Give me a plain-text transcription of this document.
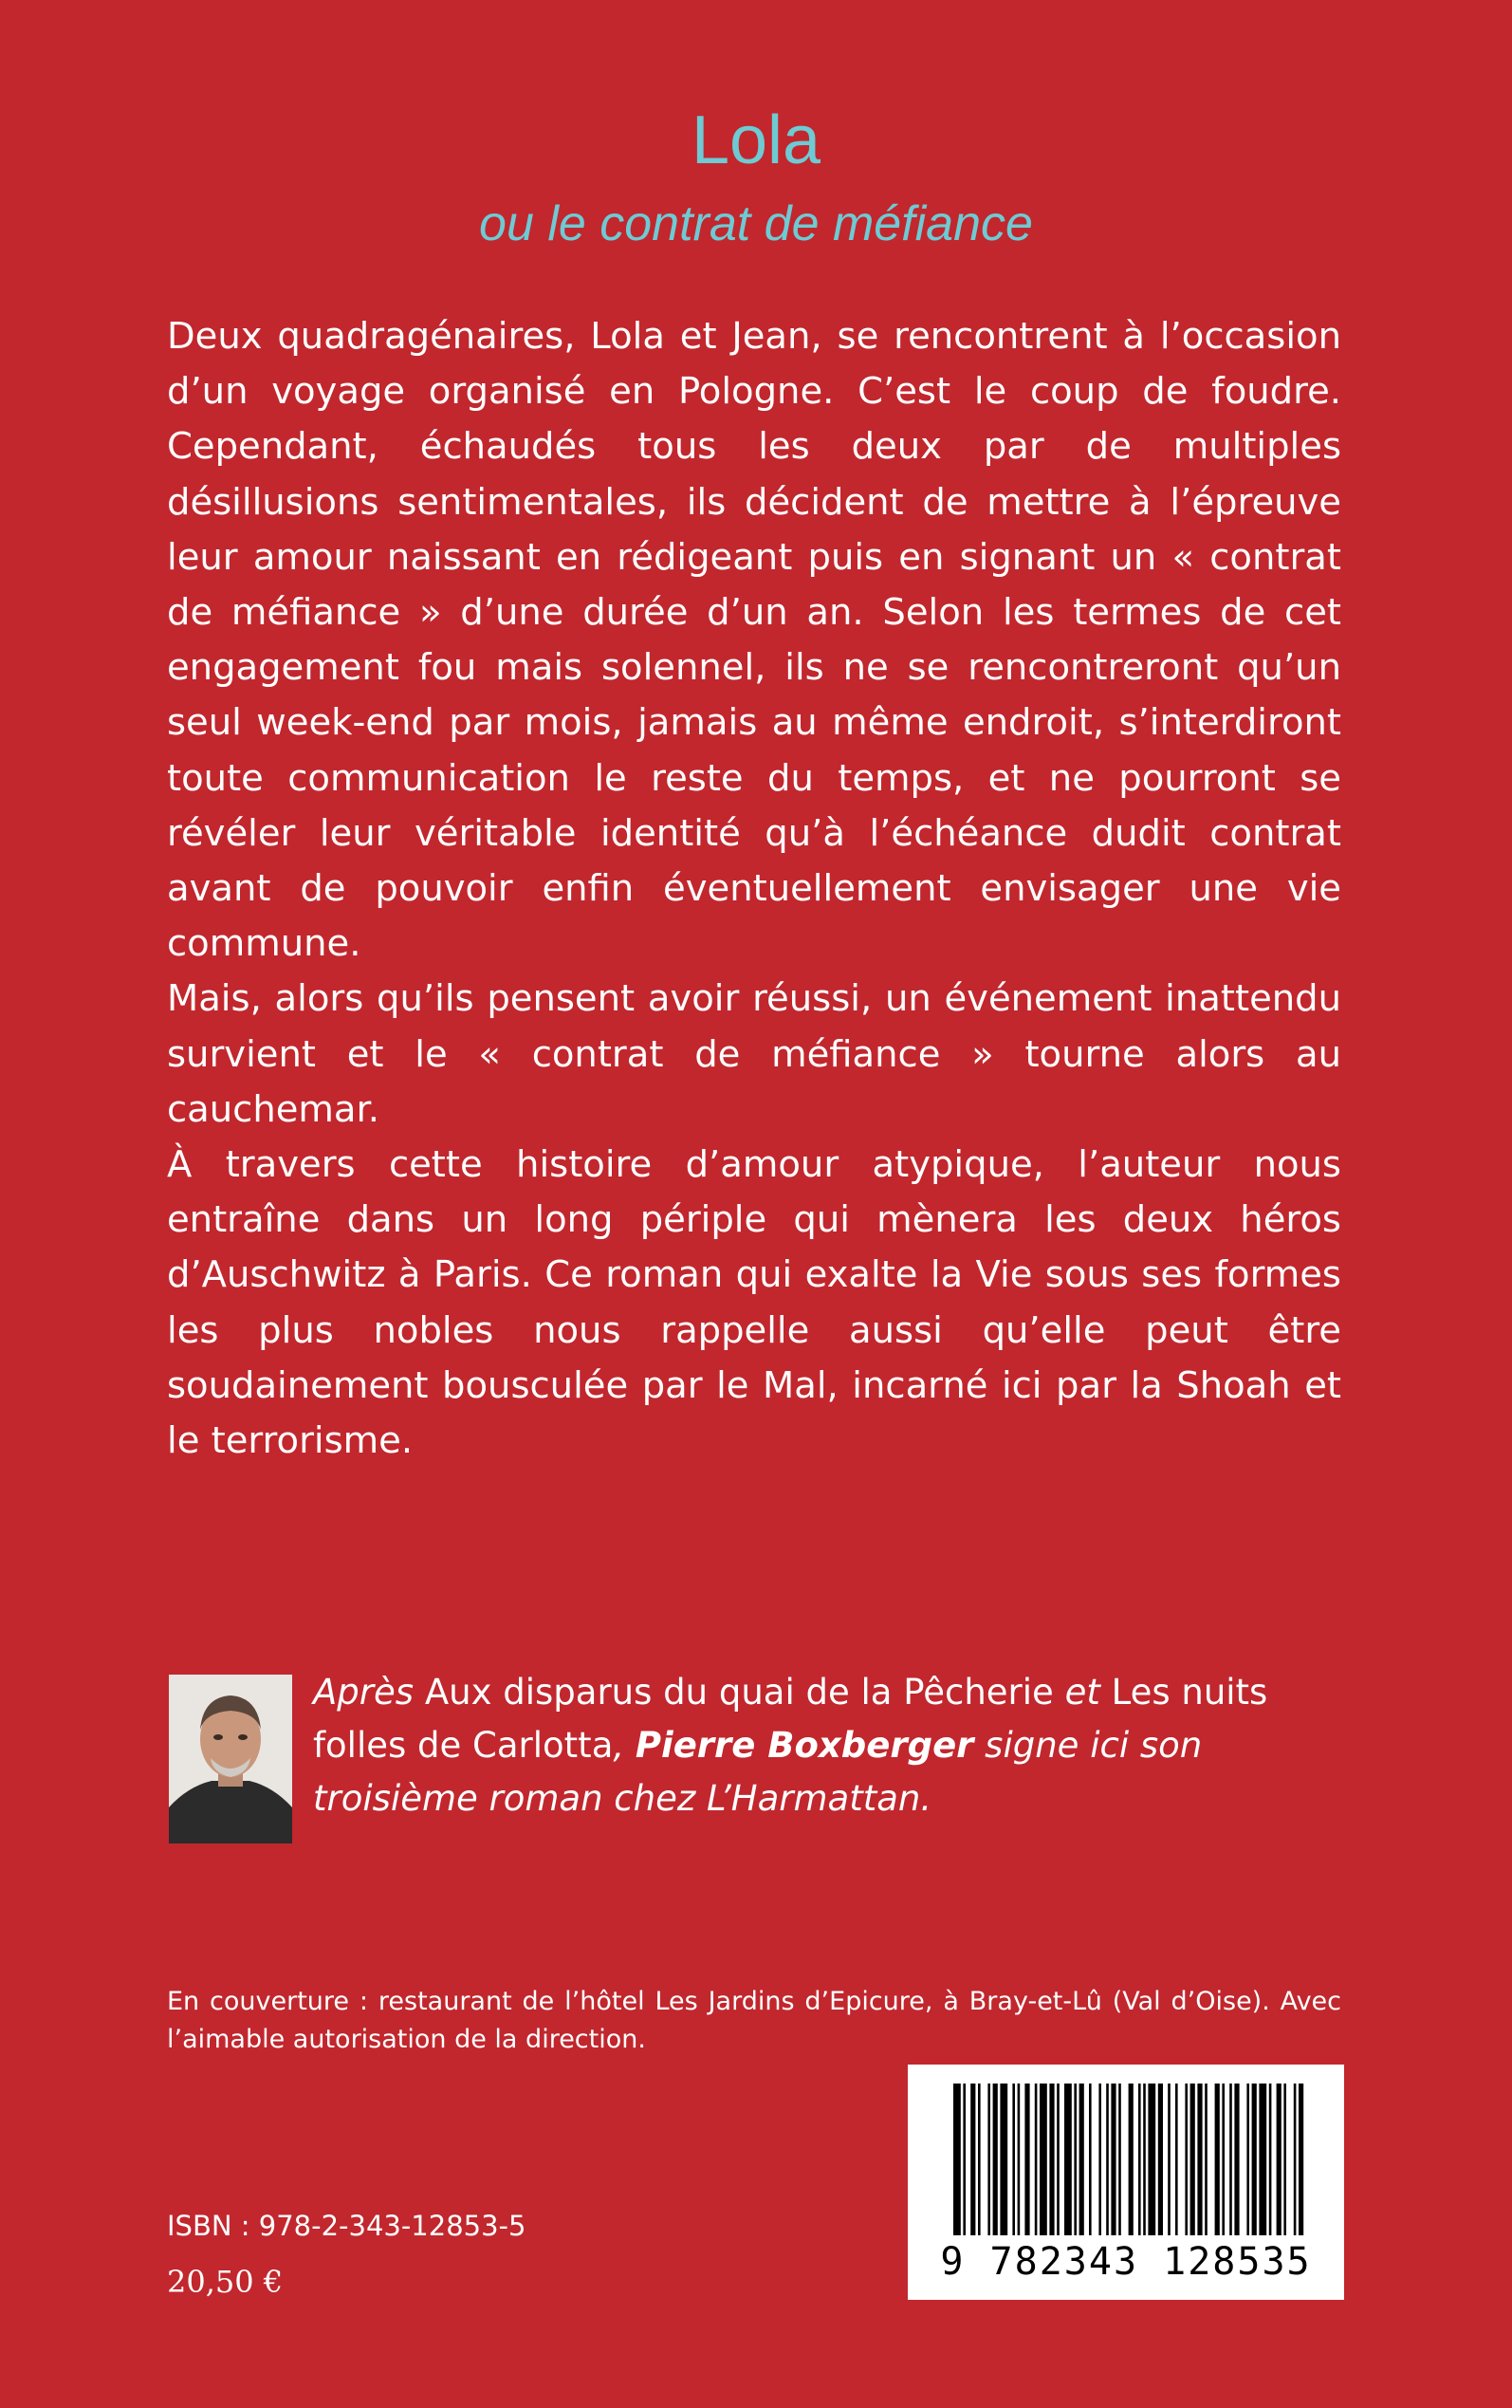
Lola
ou le contrat de méfiance

Deux quadragénaires, Lola et Jean, se rencontrent à l’occasion d’un voyage organisé en Pologne. C’est le coup de foudre. Cependant, échaudés tous les deux par de multiples désillusions sentimentales, ils décident de mettre à l’épreuve leur amour naissant en rédigeant puis en signant un « contrat de méfiance » d’une durée d’un an. Selon les termes de cet engagement fou mais solennel, ils ne se rencontreront qu’un seul week-end par mois, jamais au même endroit, s’interdiront toute communication le reste du temps, et ne pourront se révéler leur véritable identité qu’à l’échéance dudit contrat avant de pouvoir enfin éventuellement envisager une vie commune.

Mais, alors qu’ils pensent avoir réussi, un événement inattendu survient et le « contrat de méfiance » tourne alors au cauchemar.

À travers cette histoire d’amour atypique, l’auteur nous entraîne dans un long périple qui mènera les deux héros d’Auschwitz à Paris. Ce roman qui exalte la Vie sous ses formes les plus nobles nous rappelle aussi qu’elle peut être soudainement bousculée par le Mal, incarné ici par la Shoah et le terrorisme.

Après Aux disparus du quai de la Pêcherie et Les nuits folles de Carlotta, Pierre Boxberger signe ici son troisième roman chez L’Harmattan.
En couverture : restaurant de l’hôtel Les Jardins d’Epicure, à Bray-et-Lû (Val d’Oise). Avec l’aimable autorisation de la direction.
ISBN : 978-2-343-12853-5
20,50 €	9 782343 128535
